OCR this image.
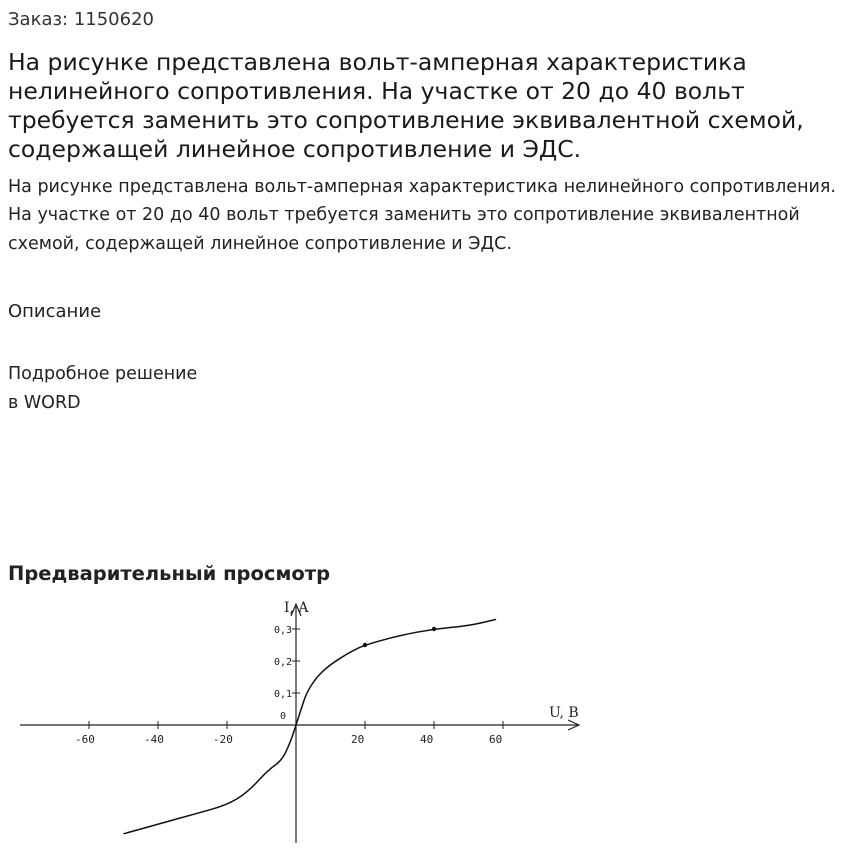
Заказ: 1150620

На рисунке представлена вольт-амперная характеристика нелинейного сопротивления. На участке от 20 до 40 вольт требуется заменить это сопротивление эквивалентной схемой, содержащей линейное сопротивление и ЭДС.

На рисунке представлена вольт-амперная характеристика нелинейного сопротивления. На участке от 20 до 40 вольт требуется заменить это сопротивление эквивалентной схемой, содержащей линейное сопротивление и ЭДС.

Описание

Подробное решение

в WORD

Предварительный просмотр
I, A
U, B
-60	-40	-20	20	40	60
0
0,1
0,2
0,3
